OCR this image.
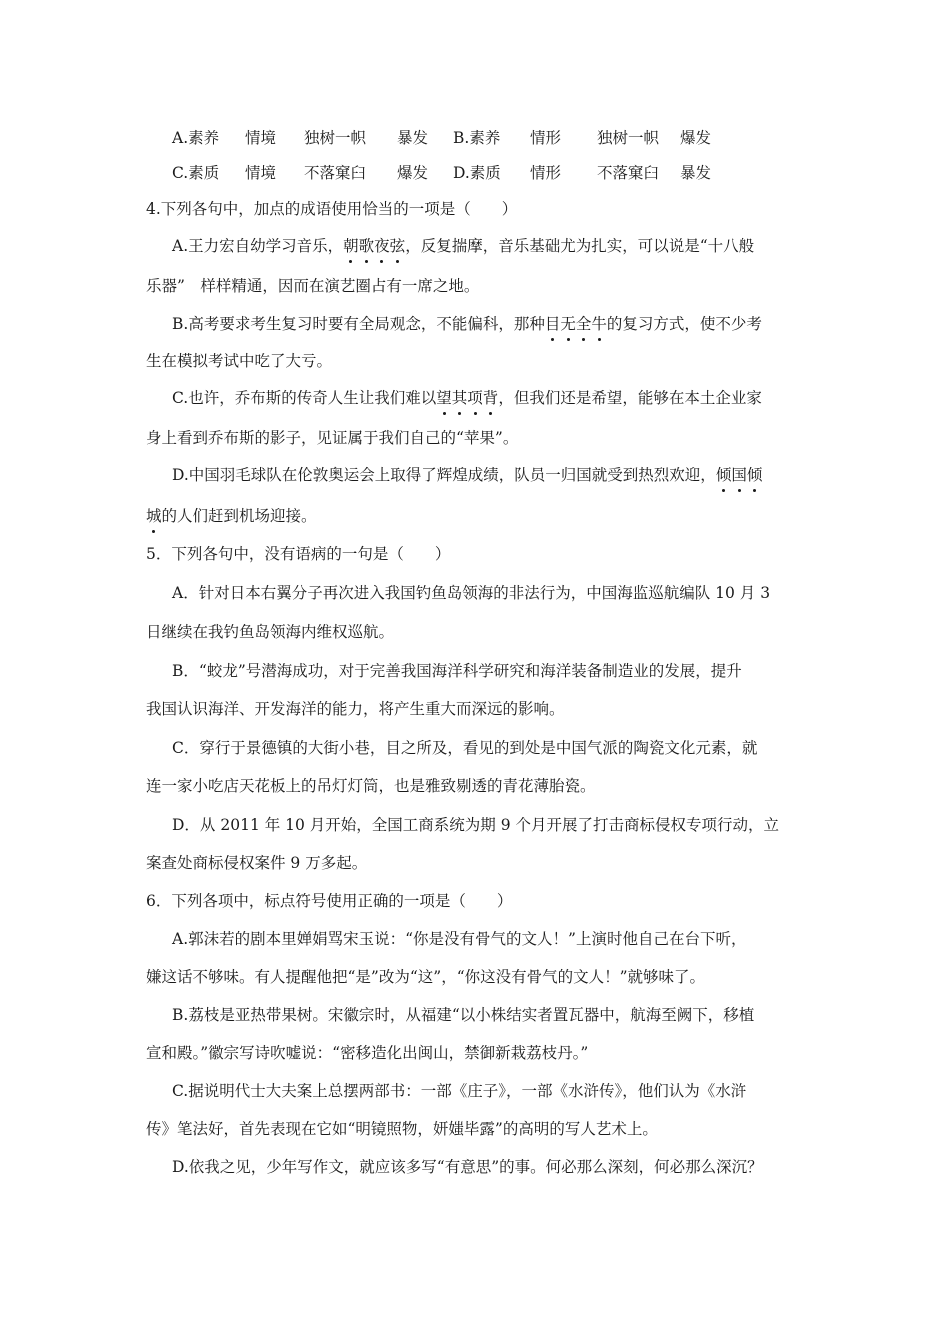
A.素养 情境 独树一帜 暴发 B.素养 情形 独树一帜 爆发
C.素质 情境 不落窠臼 爆发 D.素质 情形 不落窠臼 暴发
4.下列各句中，加点的成语使用恰当的一项是（　　）
A.王力宏自幼学习音乐，朝歌夜弦，反复揣摩，音乐基础尤为扎实，可以说是“十八般
乐器”　样样精通，因而在演艺圈占有一席之地。
B.高考要求考生复习时要有全局观念，不能偏科，那种目无全牛的复习方式，使不少考
生在模拟考试中吃了大亏。
C.也许，乔布斯的传奇人生让我们难以望其项背，但我们还是希望，能够在本土企业家
身上看到乔布斯的影子，见证属于我们自己的“苹果”。
D.中国羽毛球队在伦敦奥运会上取得了辉煌成绩，队员一归国就受到热烈欢迎，倾国倾
城的人们赶到机场迎接。
5．下列各句中，没有语病的一句是（　　）
A．针对日本右翼分子再次进入我国钓鱼岛领海的非法行为，中国海监巡航编队 10 月 3
日继续在我钓鱼岛领海内维权巡航。
B．“蛟龙”号潜海成功，对于完善我国海洋科学研究和海洋装备制造业的发展，提升
我国认识海洋、开发海洋的能力，将产生重大而深远的影响。
C．穿行于景德镇的大街小巷，目之所及，看见的到处是中国气派的陶瓷文化元素，就
连一家小吃店天花板上的吊灯灯筒，也是雅致剔透的青花薄胎瓷。
D．从 2011 年 10 月开始，全国工商系统为期 9 个月开展了打击商标侵权专项行动，立
案查处商标侵权案件 9 万多起。
6．下列各项中，标点符号使用正确的一项是（　　）
A.郭沫若的剧本里婵娟骂宋玉说：“你是没有骨气的文人！”上演时他自己在台下听，
嫌这话不够味。有人提醒他把“是”改为“这”，“你这没有骨气的文人！”就够味了。
B.荔枝是亚热带果树。宋徽宗时，从福建“以小株结实者置瓦器中，航海至阙下，移植
宣和殿。”徽宗写诗吹嘘说：“密移造化出闽山，禁御新栽荔枝丹。”
C.据说明代士大夫案上总摆两部书：一部《庄子》，一部《水浒传》，他们认为《水浒
传》笔法好，首先表现在它如“明镜照物，妍媸毕露”的高明的写人艺术上。
D.依我之见，少年写作文，就应该多写“有意思”的事。何必那么深刻，何必那么深沉？
